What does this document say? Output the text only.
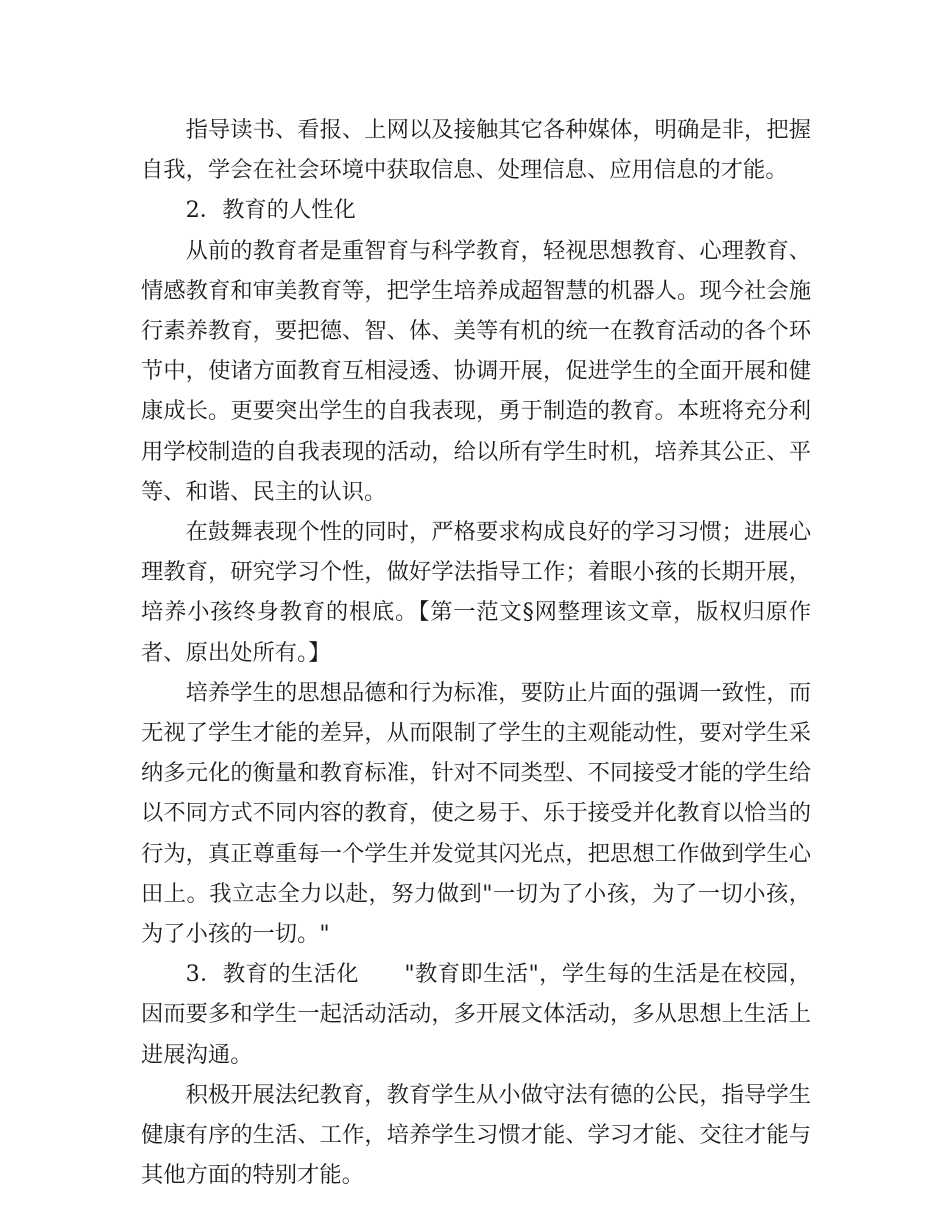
指导读书、看报、上网以及接触其它各种媒体，明确是非，把握自我，学会在社会环境中获取信息、处理信息、应用信息的才能。

2．教育的人性化

从前的教育者是重智育与科学教育，轻视思想教育、心理教育、情感教育和审美教育等，把学生培养成超智慧的机器人。现今社会施行素养教育，要把德、智、体、美等有机的统一在教育活动的各个环节中，使诸方面教育互相浸透、协调开展，促进学生的全面开展和健康成长。更要突出学生的自我表现，勇于制造的教育。本班将充分利用学校制造的自我表现的活动，给以所有学生时机，培养其公正、平等、和谐、民主的认识。

在鼓舞表现个性的同时，严格要求构成良好的学习习惯；进展心理教育，研究学习个性，做好学法指导工作；着眼小孩的长期开展，培养小孩终身教育的根底。【第一范文§网整理该文章，版权归原作者、原出处所有。】

培养学生的思想品德和行为标准，要防止片面的强调一致性，而无视了学生才能的差异，从而限制了学生的主观能动性，要对学生采纳多元化的衡量和教育标准，针对不同类型、不同接受才能的学生给以不同方式不同内容的教育，使之易于、乐于接受并化教育以恰当的行为，真正尊重每一个学生并发觉其闪光点，把思想工作做到学生心田上。我立志全力以赴，努力做到"一切为了小孩，为了一切小孩，为了小孩的一切。"

3．教育的生活化　　"教育即生活"，学生每的生活是在校园，因而要多和学生一起活动活动，多开展文体活动，多从思想上生活上进展沟通。

积极开展法纪教育，教育学生从小做守法有德的公民，指导学生健康有序的生活、工作，培养学生习惯才能、学习才能、交往才能与其他方面的特别才能。
